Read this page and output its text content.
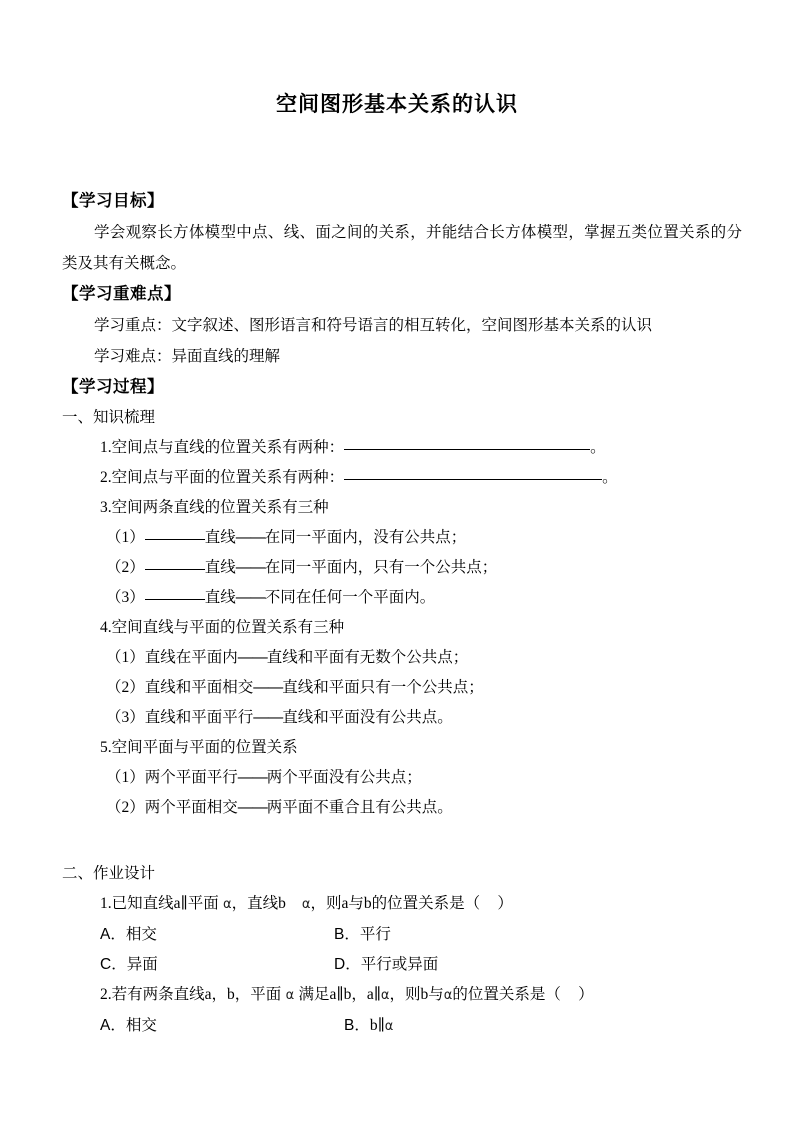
空间图形基本关系的认识

【学习目标】

学会观察长方体模型中点、线、面之间的关系，并能结合长方体模型，掌握五类位置关系的分类及其有关概念。

【学习重难点】

学习重点：文字叙述、图形语言和符号语言的相互转化，空间图形基本关系的认识

学习难点：异面直线的理解

【学习过程】

一、知识梳理

1.空间点与直线的位置关系有两种：	。

2.空间点与平面的位置关系有两种：	。

3.空间两条直线的位置关系有三种

（1）	直线——在同一平面内，没有公共点；

（2）	直线——在同一平面内，只有一个公共点；

（3）	直线——不同在任何一个平面内。

4.空间直线与平面的位置关系有三种

（1）直线在平面内——直线和平面有无数个公共点；

（2）直线和平面相交——直线和平面只有一个公共点；

（3）直线和平面平行——直线和平面没有公共点。

5.空间平面与平面的位置关系

（1）两个平面平行——两个平面没有公共点；

（2）两个平面相交——两平面不重合且有公共点。

二、作业设计

1.已知直线a∥平面 α，直线b α，则a与b的位置关系是（ ）

A．相交	B．平行
C．异面	D．平行或异面

2.若有两条直线a，b，平面 α 满足a∥b，a∥α，则b与α的位置关系是（ ）

A．相交	B．b∥α
